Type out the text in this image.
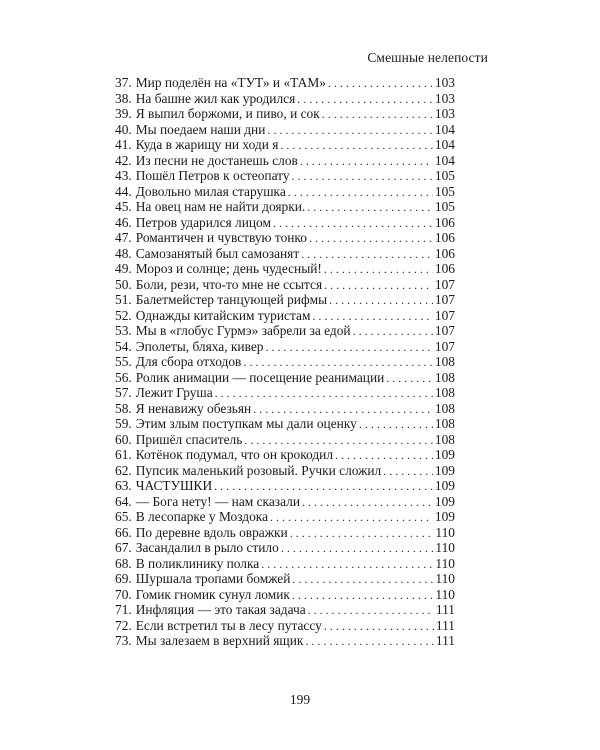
Смешные нелепости
37. Мир поделён на «ТУТ» и «ТАМ» . . .	103
38. На башне жил как уродился . . .	103
39. Я выпил боржоми, и пиво, и сок . . .	103
40. Мы поедаем наши дни . . .	104
41. Куда в жарищу ни ходи я . . .	104
42. Из песни не достанешь слов . . .	104
43. Пошёл Петров к остеопату . . .	105
44. Довольно милая старушка . . .	105
45. На овец нам не найти доярки. . . .	105
46. Петров ударился лицом . . .	106
47. Романтичен и чувствую тонко . . .	106
48. Самозанятый был самозанят . . .	106
49. Мороз и солнце; день чудесный! . . .	106
50. Боли, рези, что-то мне не ссытся . . .	107
51. Балетмейстер танцующей рифмы . . .	107
52. Однажды китайским туристам . . .	107
53. Мы в «глобус Гурмэ» забрели за едой . . .	107
54. Эполеты, бляха, кивер . . .	107
55. Для сбора отходов . . .	108
56. Ролик анимации — посещение реанимации . . .	108
57. Лежит Груша . . .	108
58. Я ненавижу обезьян . . .	108
59. Этим злым поступкам мы дали оценку . . .	108
60. Пришёл спаситель . . .	108
61. Котёнок подумал, что он крокодил . . .	109
62. Пупсик маленький розовый. Ручки сложил . . .	109
63. ЧАСТУШКИ . . .	109
64. — Бога нету! — нам сказали . . .	109
65. В лесопарке у Моздока . . .	109
66. По деревне вдоль овражки . . .	110
67. Засандалил в рыло стило . . .	110
68. В поликлинику полка . . .	110
69. Шуршала тропами бомжей . . .	110
70. Гомик гномик сунул ломик . . .	110
71. Инфляция — это такая задача . . .	111
72. Если встретил ты в лесу путассу . . .	111
73. Мы залезаем в верхний ящик . . .	111
199
